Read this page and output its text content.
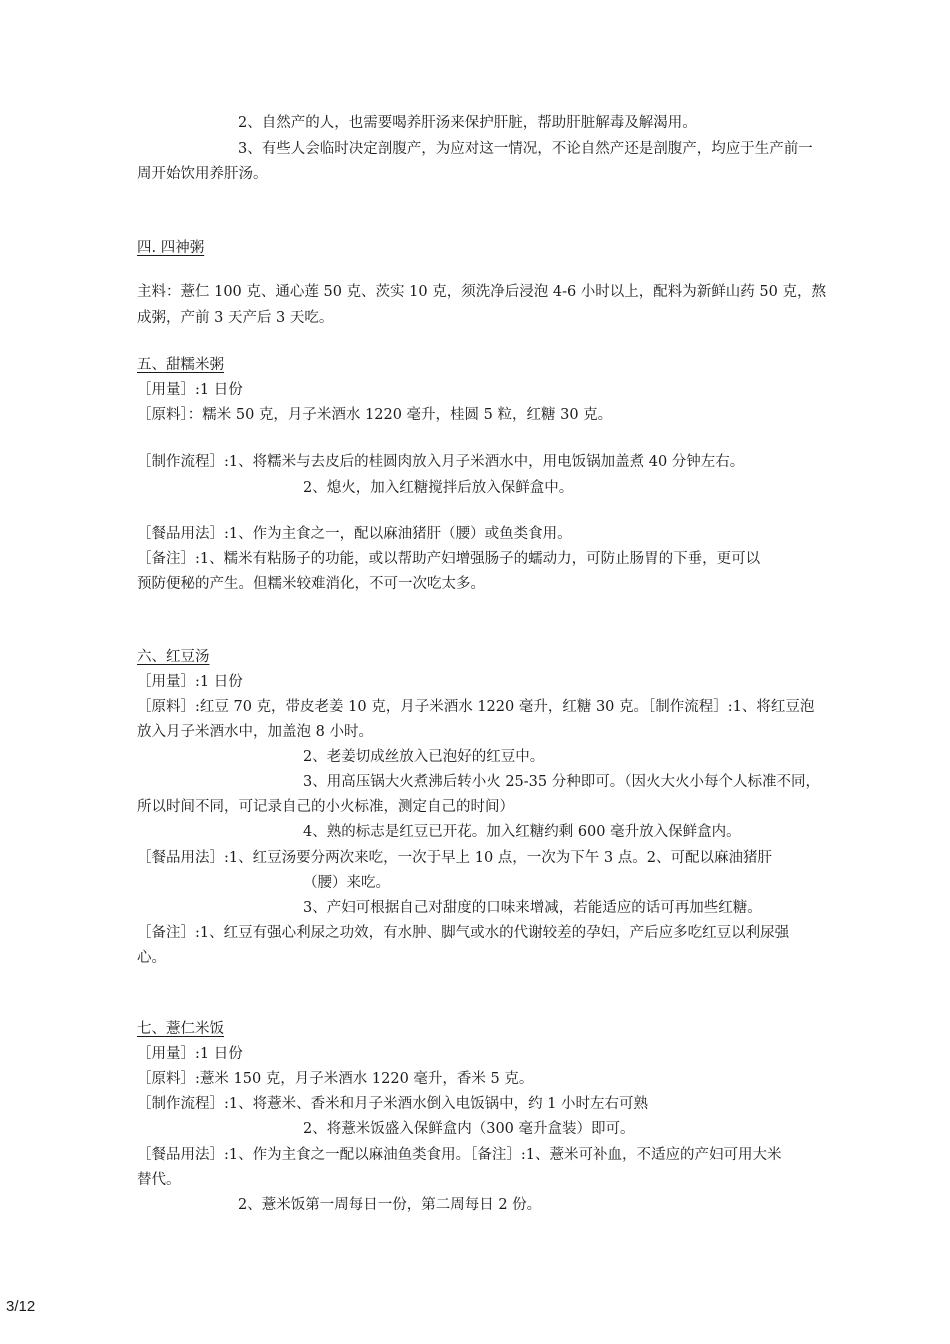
2、自然产的人，也需要喝养肝汤来保护肝脏，帮助肝脏解毒及解渴用。
3、有些人会临时决定剖腹产，为应对这一情况，不论自然产还是剖腹产，均应于生产前一
周开始饮用养肝汤。
四. 四神粥
主料：薏仁 100 克、通心莲 50 克、茨实 10 克，须洗净后浸泡 4-6 小时以上，配料为新鲜山药 50 克，熬
成粥，产前 3 天产后 3 天吃。
五、甜糯米粥
［用量］:1 日份
［原料］：糯米 50 克，月子米酒水 1220 毫升，桂圆 5 粒，红糖 30 克。
［制作流程］:1、将糯米与去皮后的桂圆肉放入月子米酒水中，用电饭锅加盖煮 40 分钟左右。
2、熄火，加入红糖搅拌后放入保鲜盒中。
［餐品用法］:1、作为主食之一，配以麻油猪肝（腰）或鱼类食用。
［备注］:1、糯米有粘肠子的功能，或以帮助产妇增强肠子的蠕动力，可防止肠胃的下垂，更可以
预防便秘的产生。但糯米较难消化，不可一次吃太多。
六、红豆汤
［用量］:1 日份
［原料］:红豆 70 克，带皮老姜 10 克，月子米酒水 1220 毫升，红糖 30 克。［制作流程］:1、将红豆泡
放入月子米酒水中，加盖泡 8 小时。
2、老姜切成丝放入已泡好的红豆中。
3、用高压锅大火煮沸后转小火 25-35 分种即可。（因火大火小每个人标准不同，
所以时间不同，可记录自己的小火标准，测定自己的时间）
4、熟的标志是红豆已开花。加入红糖约剩 600 毫升放入保鲜盒内。
［餐品用法］:1、红豆汤要分两次来吃，一次于早上 10 点，一次为下午 3 点。2、可配以麻油猪肝
（腰）来吃。
3、产妇可根据自己对甜度的口味来增减，若能适应的话可再加些红糖。
［备注］:1、红豆有强心利尿之功效，有水肿、脚气或水的代谢较差的孕妇，产后应多吃红豆以利尿强
心。
七、薏仁米饭
［用量］:1 日份
［原料］:薏米 150 克，月子米酒水 1220 毫升，香米 5 克。
［制作流程］:1、将薏米、香米和月子米酒水倒入电饭锅中，约 1 小时左右可熟
2、将薏米饭盛入保鲜盒内（300 毫升盒装）即可。
［餐品用法］:1、作为主食之一配以麻油鱼类食用。［备注］:1、薏米可补血，不适应的产妇可用大米
替代。
2、薏米饭第一周每日一份，第二周每日 2 份。
3/12
